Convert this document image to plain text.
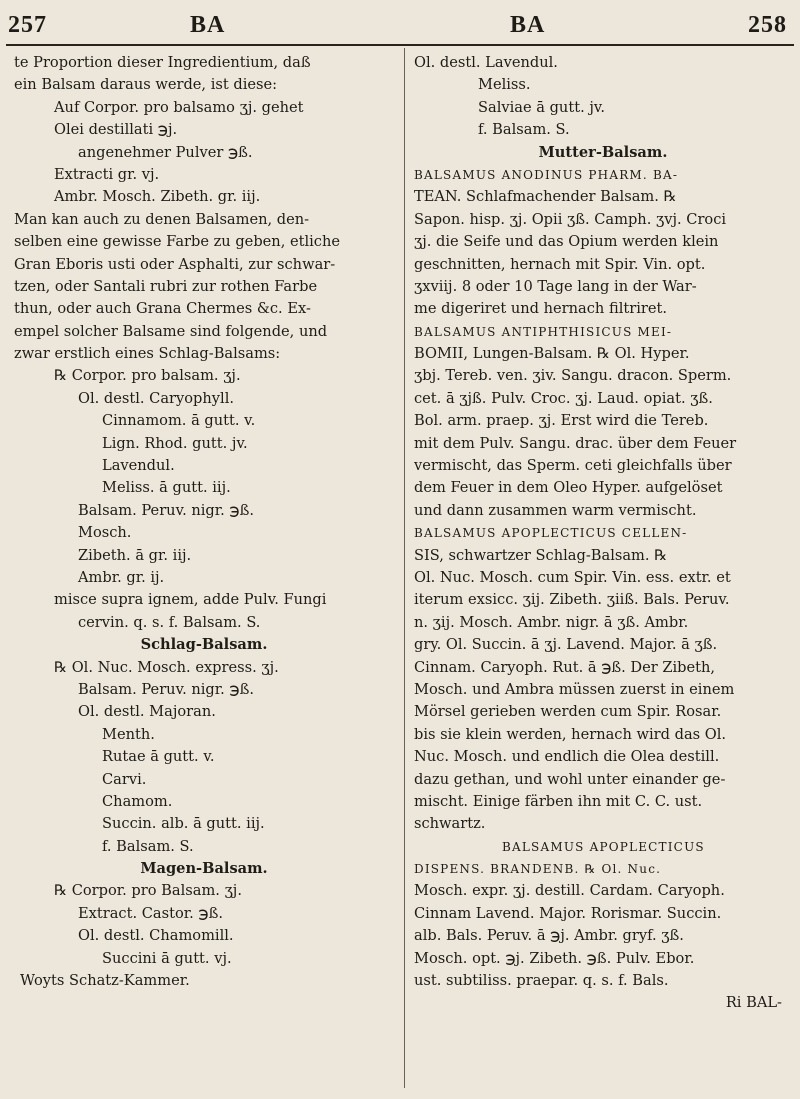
257	BA	BA	258
te Proportion dieser Ingredientium, daß
ein Balsam daraus werde, ist diese:
Auf Corpor. pro balsamo ʒj. gehet
Olei destillati ℈j.
angenehmer Pulver ℈ß.
Extracti gr. vj.
Ambr. Mosch. Zibeth. gr. iij.
Man kan auch zu denen Balsamen, den-
selben eine gewisse Farbe zu geben, etliche
Gran Eboris usti oder Asphalti, zur schwar-
tzen, oder Santali rubri zur rothen Farbe
thun, oder auch Grana Chermes &c. Ex-
empel solcher Balsame sind folgende, und
zwar erstlich eines Schlag-Balsams:
℞ Corpor. pro balsam. ʒj.
Ol. destl. Caryophyll.
Cinnamom. ā gutt. v.
Lign. Rhod. gutt. jv.
Lavendul.
Meliss. ā gutt. iij.
Balsam. Peruv. nigr. ℈ß.
Mosch.
Zibeth. ā gr. iij.
Ambr. gr. ij.
misce supra ignem, adde Pulv. Fungi
cervin. q. s. f. Balsam. S.
Schlag-Balsam.
℞ Ol. Nuc. Mosch. express. ʒj.
Balsam. Peruv. nigr. ℈ß.
Ol. destl. Majoran.
Menth.
Rutae ā gutt. v.
Carvi.
Chamom.
Succin. alb. ā gutt. iij.
f. Balsam. S.
Magen-Balsam.
℞ Corpor. pro Balsam. ʒj.
Extract. Castor. ℈ß.
Ol. destl. Chamomill.
Succini ā gutt. vj.
Woyts Schatz-Kammer.
Ol. destl. Lavendul.
Meliss.
Salviae ā gutt. jv.
f. Balsam. S.
Mutter-Balsam.
BALSAMUS ANODINUS PHARM. BA-
TEAN. Schlafmachender Balsam. ℞
Sapon. hisp. ʒj. Opii ʒß. Camph. ʒvj. Croci
ʒj. die Seife und das Opium werden klein
geschnitten, hernach mit Spir. Vin. opt.
ʒxviij. 8 oder 10 Tage lang in der War-
me digeriret und hernach filtriret.
BALSAMUS ANTIPHTHISICUS MEI-
BOMII, Lungen-Balsam. ℞ Ol. Hyper.
ʒbj. Tereb. ven. ʒiv. Sangu. dracon. Sperm.
cet. ā ʒjß. Pulv. Croc. ʒj. Laud. opiat. ʒß.
Bol. arm. praep. ʒj. Erst wird die Tereb.
mit dem Pulv. Sangu. drac. über dem Feuer
vermischt, das Sperm. ceti gleichfalls über
dem Feuer in dem Oleo Hyper. aufgelöset
und dann zusammen warm vermischt.
BALSAMUS APOPLECTICUS CELLEN-
SIS, schwartzer Schlag-Balsam. ℞
Ol. Nuc. Mosch. cum Spir. Vin. ess. extr. et
iterum exsicc. ʒij. Zibeth. ʒiiß. Bals. Peruv.
n. ʒij. Mosch. Ambr. nigr. ā ʒß. Ambr.
gry. Ol. Succin. ā ʒj. Lavend. Major. ā ʒß.
Cinnam. Caryoph. Rut. ā ℈ß. Der Zibeth,
Mosch. und Ambra müssen zuerst in einem
Mörsel gerieben werden cum Spir. Rosar.
bis sie klein werden, hernach wird das Ol.
Nuc. Mosch. und endlich die Olea destill.
dazu gethan, und wohl unter einander ge-
mischt. Einige färben ihn mit C. C. ust.
schwartz.
BALSAMUS APOPLECTICUS
DISPENS. BRANDENB. ℞ Ol. Nuc.
Mosch. expr. ʒj. destill. Cardam. Caryoph.
Cinnam Lavend. Major. Rorismar. Succin.
alb. Bals. Peruv. ā ℈j. Ambr. gryf. ʒß.
Mosch. opt. ℈j. Zibeth. ℈ß. Pulv. Ebor.
ust. subtiliss. praepar. q. s. f. Bals.
Ri BAL-
